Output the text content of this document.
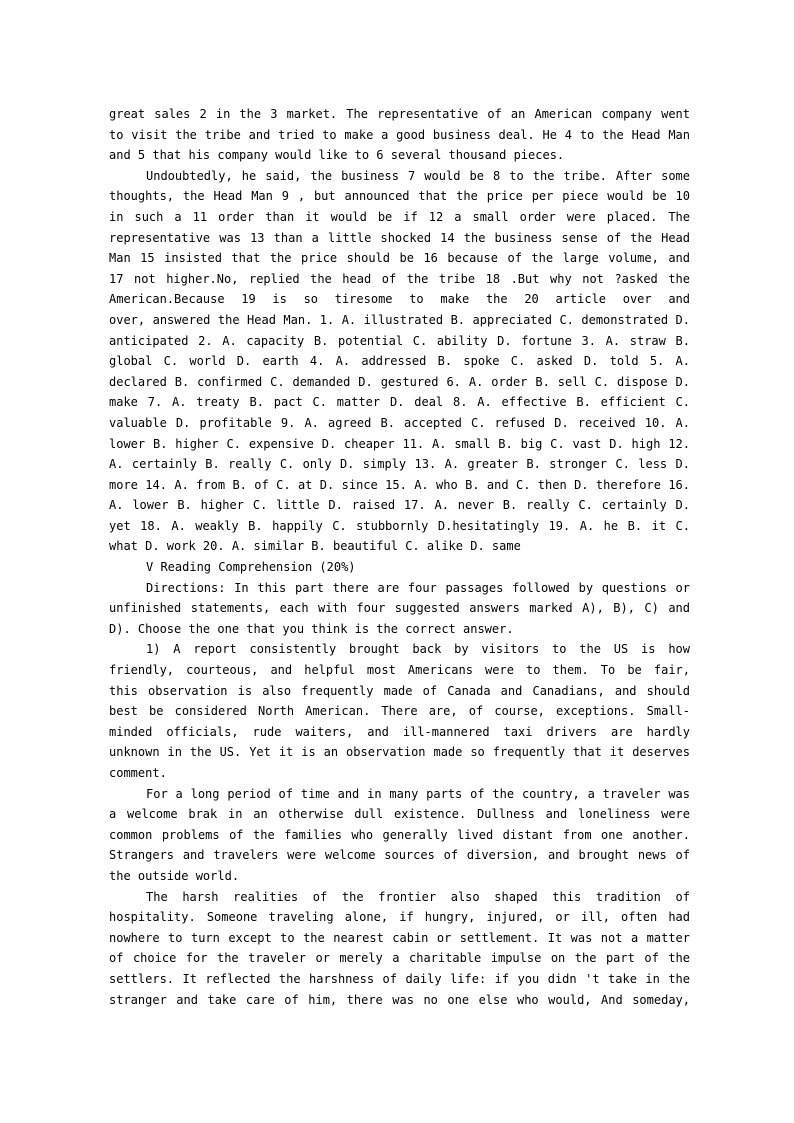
great sales 2 in the 3 market. The representative of an American company went
to visit the tribe and tried to make a good business deal. He 4 to the Head Man
and 5 that his company would like to 6 several thousand pieces.
Undoubtedly, he said, the business 7 would be 8 to the tribe. After some
thoughts, the Head Man 9 , but announced that the price per piece would be 10
in such a 11 order than it would be if 12 a small order were placed. The
representative was 13 than a little shocked 14 the business sense of the Head
Man 15 insisted that the price should be 16 because of the large volume, and
17 not higher.No, replied the head of the tribe 18 .But why not ?asked the
American.Because 19 is so tiresome to make the 20 article over and
over, answered the Head Man. 1. A. illustrated B. appreciated C. demonstrated D.
anticipated 2. A. capacity B. potential C. ability D. fortune 3. A. straw B.
global C. world D. earth 4. A. addressed B. spoke C. asked D. told 5. A.
declared B. confirmed C. demanded D. gestured 6. A. order B. sell C. dispose D.
make 7. A. treaty B. pact C. matter D. deal 8. A. effective B. efficient C.
valuable D. profitable 9. A. agreed B. accepted C. refused D. received 10. A.
lower B. higher C. expensive D. cheaper 11. A. small B. big C. vast D. high 12.
A. certainly B. really C. only D. simply 13. A. greater B. stronger C. less D.
more 14. A. from B. of C. at D. since 15. A. who B. and C. then D. therefore 16.
A. lower B. higher C. little D. raised 17. A. never B. really C. certainly D.
yet 18. A. weakly B. happily C. stubbornly D.hesitatingly 19. A. he B. it C.
what D. work 20. A. similar B. beautiful C. alike D. same
V Reading Comprehension (20%)
Directions: In this part there are four passages followed by questions or
unfinished statements, each with four suggested answers marked A), B), C) and
D). Choose the one that you think is the correct answer.
1) A report consistently brought back by visitors to the US is how
friendly, courteous, and helpful most Americans were to them. To be fair,
this observation is also frequently made of Canada and Canadians, and should
best be considered North American. There are, of course, exceptions. Small-
minded officials, rude waiters, and ill-mannered taxi drivers are hardly
unknown in the US. Yet it is an observation made so frequently that it deserves
comment.
For a long period of time and in many parts of the country, a traveler was
a welcome brak in an otherwise dull existence. Dullness and loneliness were
common problems of the families who generally lived distant from one another.
Strangers and travelers were welcome sources of diversion, and brought news of
the outside world.
The harsh realities of the frontier also shaped this tradition of
hospitality. Someone traveling alone, if hungry, injured, or ill, often had
nowhere to turn except to the nearest cabin or settlement. It was not a matter
of choice for the traveler or merely a charitable impulse on the part of the
settlers. It reflected the harshness of daily life: if you didn 't take in the
stranger and take care of him, there was no one else who would, And someday,
